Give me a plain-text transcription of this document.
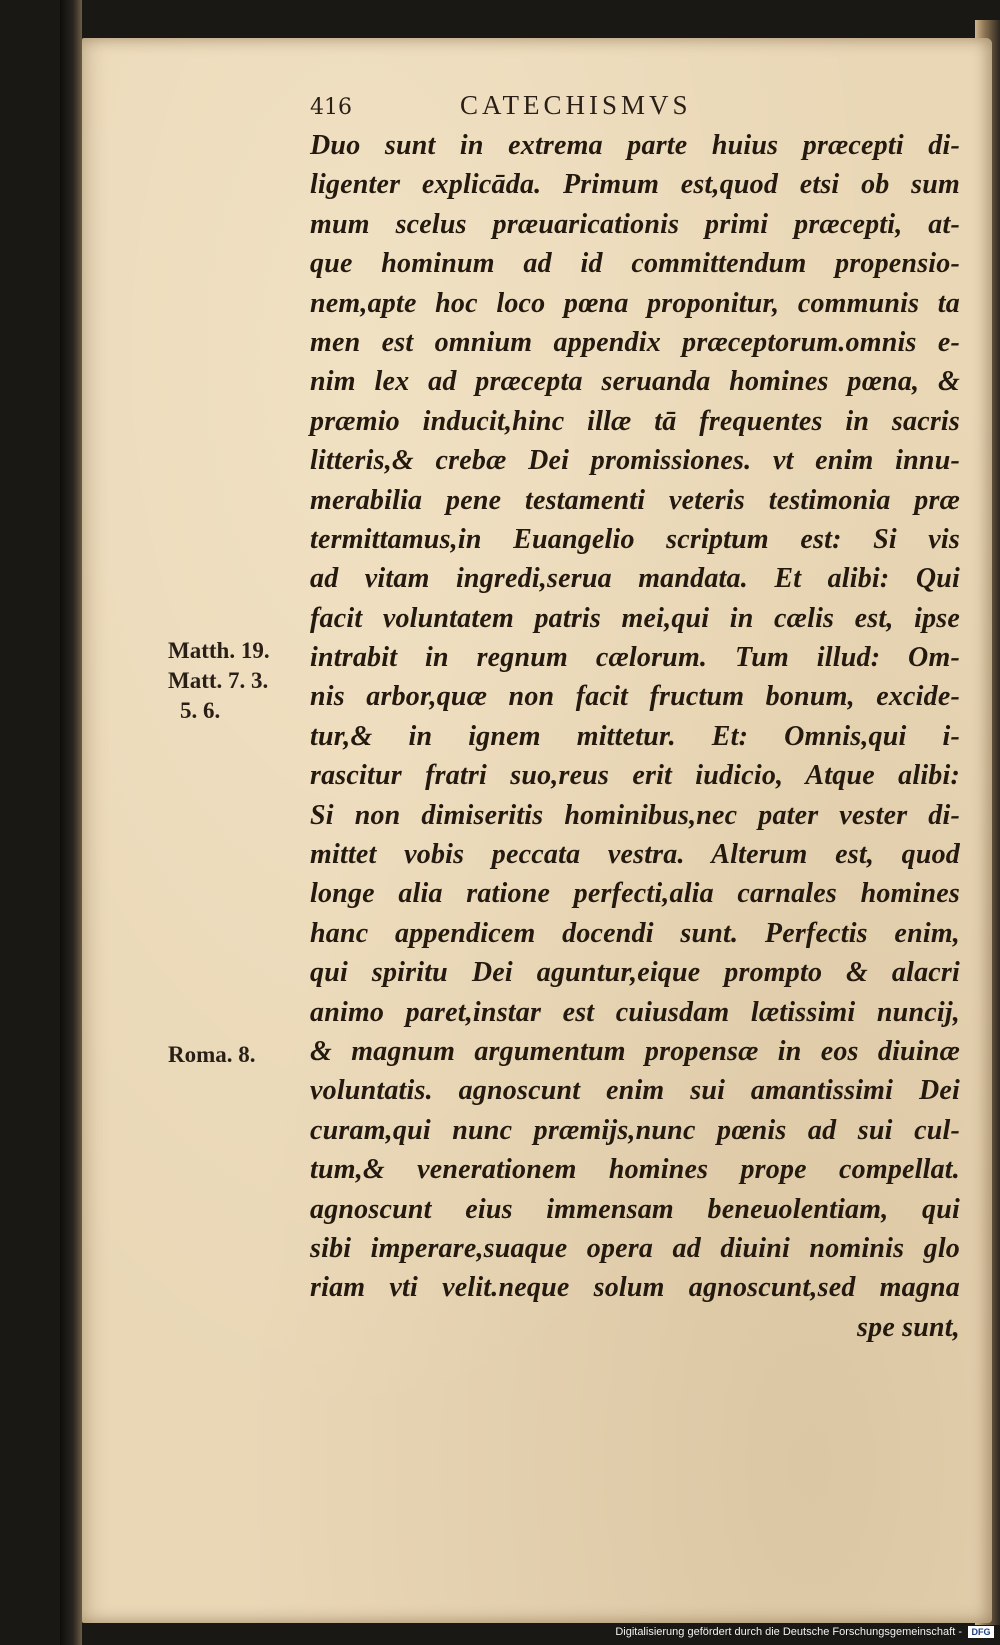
416	CATECHISMVS
Duo sunt in extrema parte huius præcepti di-
ligenter explicāda. Primum est,quod etsi ob sum
mum scelus præuaricationis primi præcepti, at-
que hominum ad id committendum propensio-
nem,apte hoc loco pœna proponitur, communis ta
men est omnium appendix præceptorum.omnis e-
nim lex ad præcepta seruanda homines pœna, &
præmio inducit,hinc illæ tā frequentes in sacris
litteris,& crebæ Dei promissiones. vt enim innu-
merabilia pene testamenti veteris testimonia præ
termittamus,in Euangelio scriptum est: Si vis
ad vitam ingredi,serua mandata. Et alibi: Qui
facit voluntatem patris mei,qui in cælis est, ipse
intrabit in regnum cælorum. Tum illud: Om-
nis arbor,quæ non facit fructum bonum, excide-
tur,& in ignem mittetur. Et: Omnis,qui i-
rascitur fratri suo,reus erit iudicio, Atque alibi:
Si non dimiseritis hominibus,nec pater vester di-
mittet vobis peccata vestra. Alterum est, quod
longe alia ratione perfecti,alia carnales homines
hanc appendicem docendi sunt. Perfectis enim,
qui spiritu Dei aguntur,eique prompto & alacri
animo paret,instar est cuiusdam lætissimi nuncij,
& magnum argumentum propensæ in eos diuinæ
voluntatis. agnoscunt enim sui amantissimi Dei
curam,qui nunc præmijs,nunc pœnis ad sui cul-
tum,& venerationem homines prope compellat.
agnoscunt eius immensam beneuolentiam, qui
sibi imperare,suaque opera ad diuini nominis glo
riam vti velit.neque solum agnoscunt,sed magna
spe sunt,
Matth. 19.
Matt. 7. 3.
5. 6.
Roma. 8.
Digitalisierung gefördert durch die Deutsche Forschungsgemeinschaft -	DFG
